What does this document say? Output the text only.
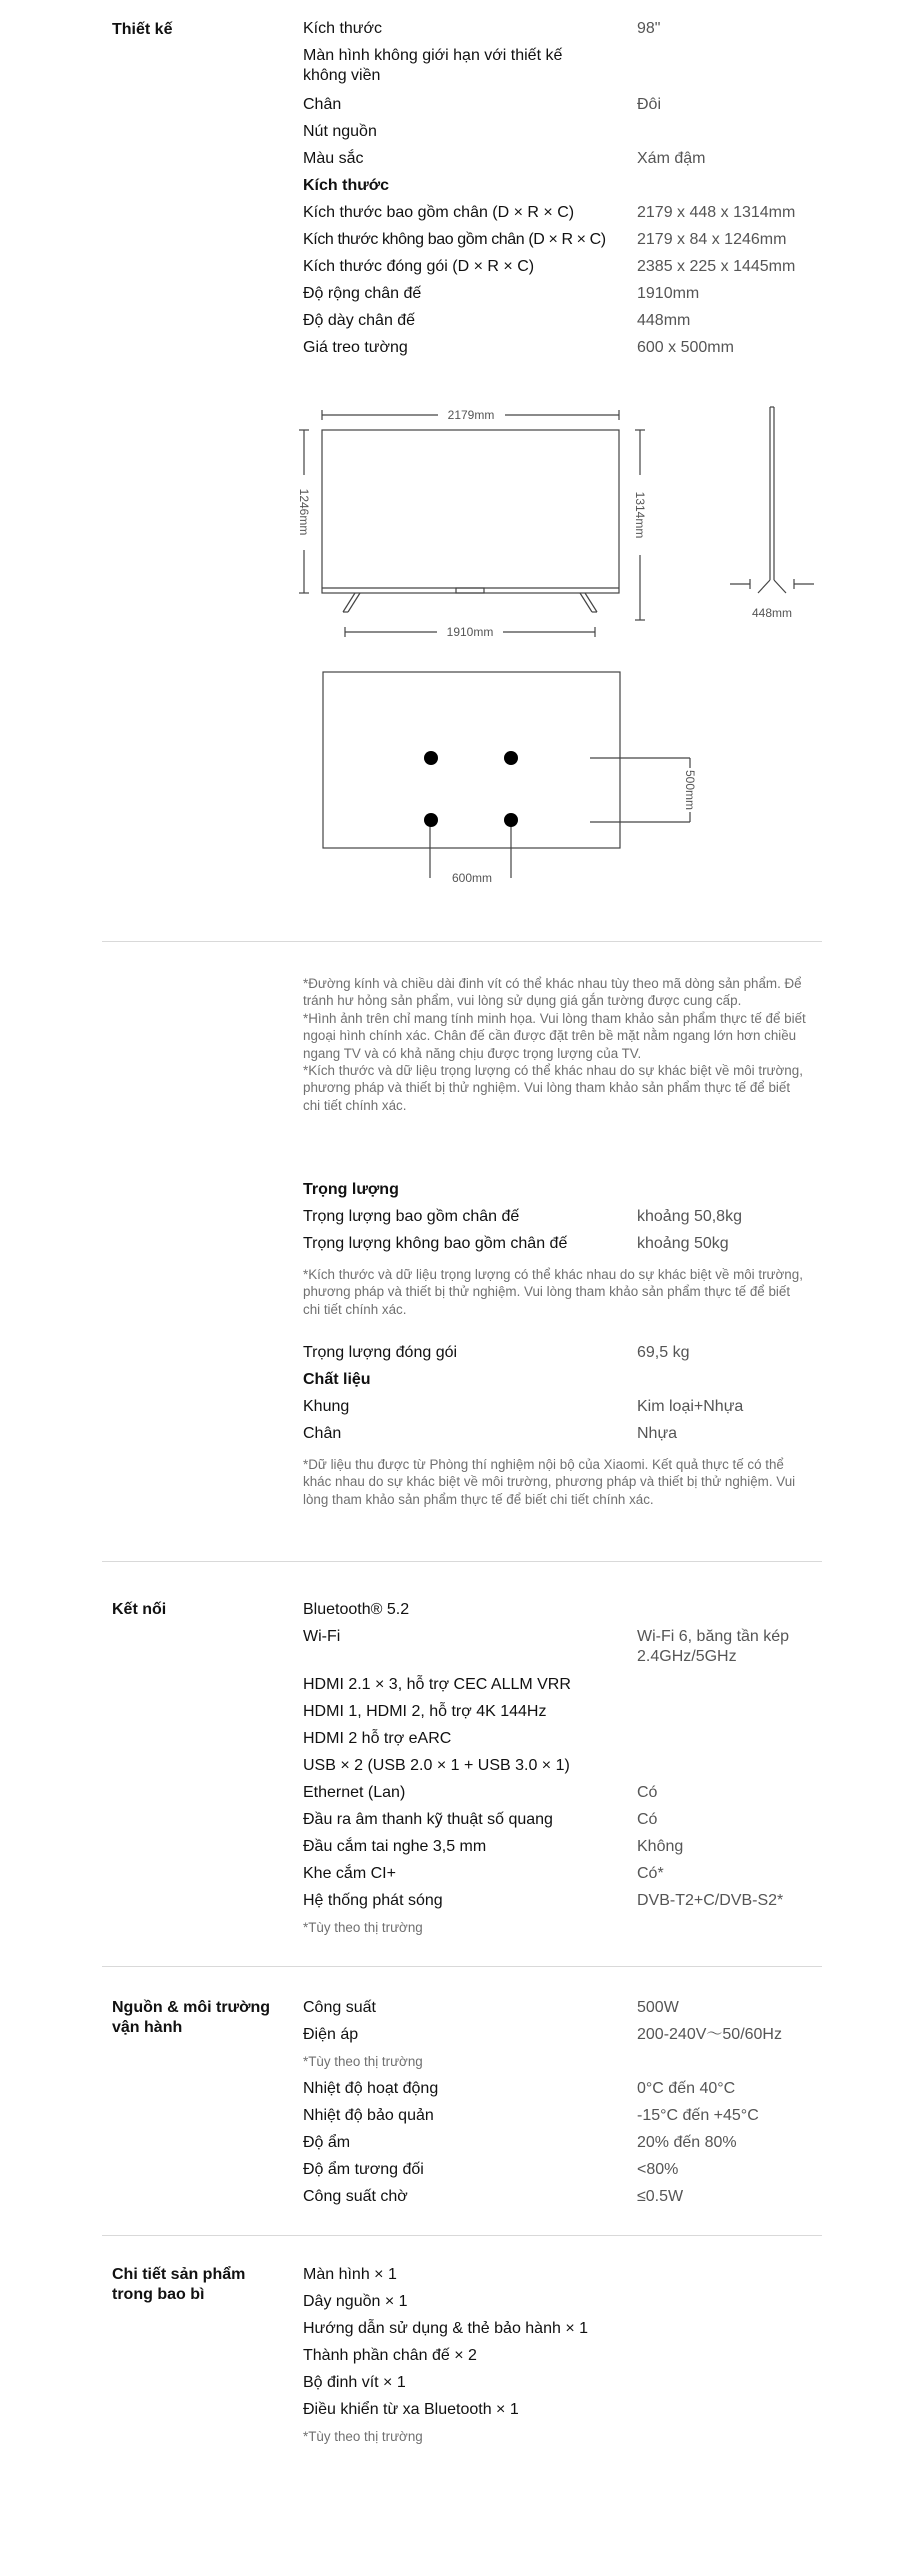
Thiết kế	Kích thước	98"
Màn hình không giới hạn với thiết kế không viền
Chân	Đôi
Nút nguồn
Màu sắc	Xám đậm
Kích thước
Kích thước bao gồm chân (D × R × C)	2179 x 448 x 1314mm
Kích thước không bao gồm chân (D × R × C)	2179 x 84 x 1246mm
Kích thước đóng gói (D × R × C)	2385 x 225 x 1445mm
Độ rộng chân đế	1910mm
Độ dày chân đế	448mm
Giá treo tường	600 x 500mm
2179mm
1246mm	1314mm
1910mm
448mm
500mm
600mm

*Đường kính và chiều dài đinh vít có thể khác nhau tùy theo mã dòng sản phẩm. Để tránh hư hỏng sản phẩm, vui lòng sử dụng giá gắn tường được cung cấp.

*Hình ảnh trên chỉ mang tính minh họa. Vui lòng tham khảo sản phẩm thực tế để biết ngoại hình chính xác. Chân đế cần được đặt trên bề mặt nằm ngang lớn hơn chiều ngang TV và có khả năng chịu được trọng lượng của TV.

*Kích thước và dữ liệu trọng lượng có thể khác nhau do sự khác biệt về môi trường, phương pháp và thiết bị thử nghiệm. Vui lòng tham khảo sản phẩm thực tế để biết chi tiết chính xác.

Trọng lượng
Trọng lượng bao gồm chân đế	khoảng 50,8kg
Trọng lượng không bao gồm chân đế	khoảng 50kg
*Kích thước và dữ liệu trọng lượng có thể khác nhau do sự khác biệt về môi trường, phương pháp và thiết bị thử nghiệm. Vui lòng tham khảo sản phẩm thực tế để biết chi tiết chính xác.
Trọng lượng đóng gói	69,5 kg
Chất liệu
Khung	Kim loại+Nhựa
Chân	Nhựa
*Dữ liệu thu được từ Phòng thí nghiệm nội bộ của Xiaomi. Kết quả thực tế có thể khác nhau do sự khác biệt về môi trường, phương pháp và thiết bị thử nghiệm. Vui lòng tham khảo sản phẩm thực tế để biết chi tiết chính xác.
Kết nối	Bluetooth® 5.2
Wi-Fi	Wi-Fi 6, băng tần kép 2.4GHz/5GHz
HDMI 2.1 × 3, hỗ trợ CEC ALLM VRR
HDMI 1, HDMI 2, hỗ trợ 4K 144Hz
HDMI 2 hỗ trợ eARC
USB × 2 (USB 2.0 × 1 + USB 3.0 × 1)
Ethernet (Lan)	Có
Đầu ra âm thanh kỹ thuật số quang	Có
Đầu cắm tai nghe 3,5 mm	Không
Khe cắm CI+	Có*
Hệ thống phát sóng	DVB-T2+C/DVB-S2*
*Tùy theo thị trường
Nguồn & môi trường vận hành
Công suất	500W
Điện áp	200-240V～50/60Hz
*Tùy theo thị trường
Nhiệt độ hoạt động	0°C đến 40°C
Nhiệt độ bảo quản	-15°C đến +45°C
Độ ẩm	20% đến 80%
Độ ẩm tương đối	<80%
Công suất chờ	≤0.5W
Chi tiết sản phẩm trong bao bì
Màn hình × 1
Dây nguồn × 1
Hướng dẫn sử dụng & thẻ bảo hành × 1
Thành phần chân đế × 2
Bộ đinh vít × 1
Điều khiển từ xa Bluetooth × 1
*Tùy theo thị trường
